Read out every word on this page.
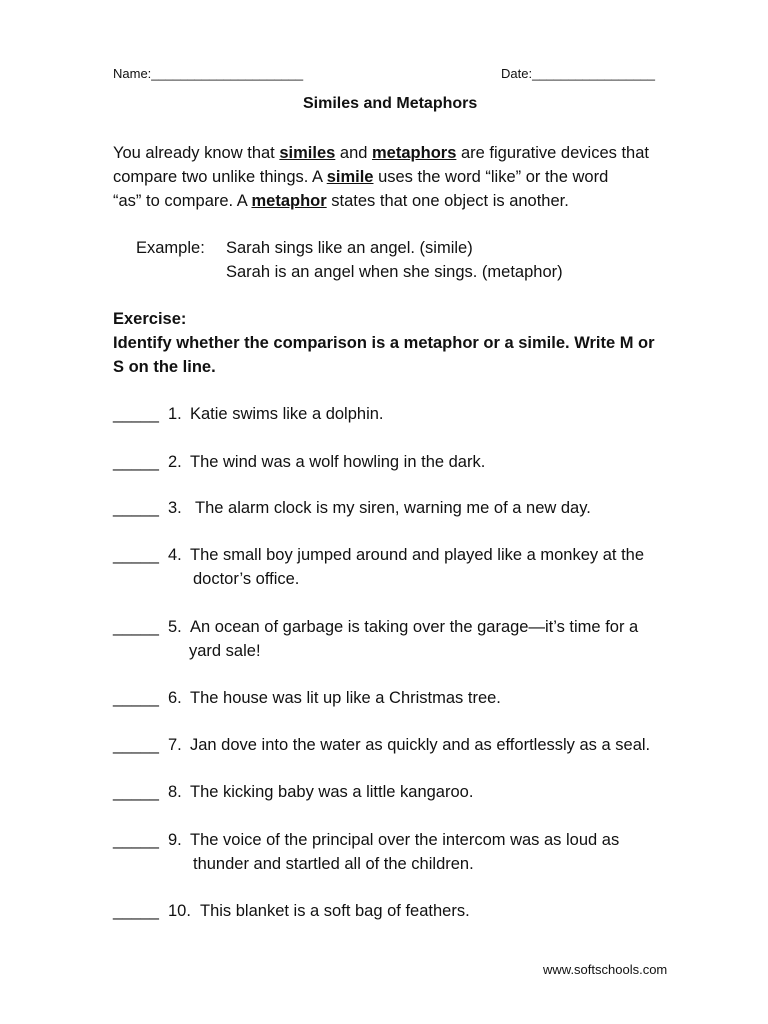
Name:_____________________	Date:_________________
Similes and Metaphors
You already know that similes and metaphors are figurative devices that
compare two unlike things. A simile uses the word “like” or the word
“as” to compare. A metaphor states that one object is another.
Example: Sarah sings like an angel. (simile)
Sarah is an angel when she sings. (metaphor)
Exercise:
Identify whether the comparison is a metaphor or a simile. Write M or
S on the line.
_____ 1. Katie swims like a dolphin.
_____ 2. The wind was a wolf howling in the dark.
_____ 3. The alarm clock is my siren, warning me of a new day.
_____ 4. The small boy jumped around and played like a monkey at the
doctor’s office.
_____ 5. An ocean of garbage is taking over the garage—it’s time for a
yard sale!
_____ 6. The house was lit up like a Christmas tree.
_____ 7. Jan dove into the water as quickly and as effortlessly as a seal.
_____ 8. The kicking baby was a little kangaroo.
_____ 9. The voice of the principal over the intercom was as loud as
thunder and startled all of the children.
_____ 10. This blanket is a soft bag of feathers.
www.softschools.com
